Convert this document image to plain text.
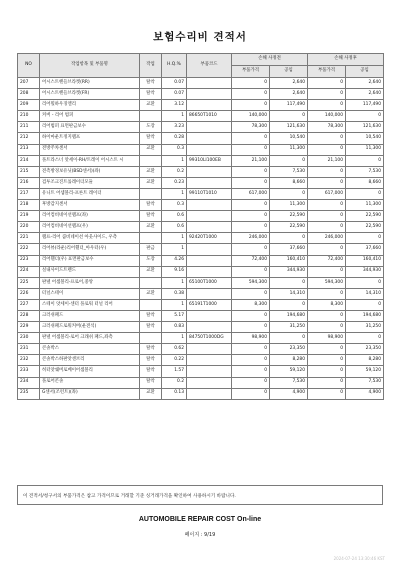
보험수리비 견적서
NO	작업항목 및 부품명	작업	H.Q.%	부품코드	손해 사정전		손해 사정후	
					부품가격	공임	부품가격	공임
207	어시스트핸들브라켓(RR)	탈착	0.07		0	2,640	0	2,640
208	어시스트핸들브라켓(FR)	탈착	0.07		0	2,640	0	2,640
209	리어휠하우징앨리	교환	3.12		0	117,490	0	117,490
210	커버 - 리어 범퍼		1	86650T1010	140,000	0	140,000	0
211	리어범퍼 표면판금보수	도장	3.23		78,300	121,630	78,300	121,630
212	하이마운트정지램프	탈착	0.28		0	10,540	0	10,540
213	전방주차센서	교환	0.3		0	11,300	0	11,300
214	플트라스너 앗세이-RH/트레이 어시스트 시		1	99310LI100EB	21,100	0	21,100	0
215	전측방경보유닛(BSD센서)(좌)	교환	0.2		0	7,530	0	7,530
216	검투조크진트롤레이더모듈	교환	0.23		0	8,660	0	8,660
217	유니트 어셈블리-프론트 레이더		1	99110T1010	617,000	0	617,000	0
218	후방감지센서	탈착	0.3		0	11,300	0	11,300
219	리어컴비네이션램프(좌)	탈착	0.6		0	22,590	0	22,590
220	리어컴비네이션램프(우)	교환	0.6		0	22,590	0	22,590
221	램프-리어 콤비네이션 아웃사이드, 우측		1	92420T1000	246,000	0	246,000	0
222	리어뷰(라운)리어휀더_아우터(우)	판금	1		0	37,660	0	37,660
223	리어휀더(우) 표면판금보수	도장	4.26		72,400	160,410	72,400	160,410
224	실내사이드트렌드	교환	9.16		0	344,930	0	344,930
225	판넬 어셈블리-프로어,중앙		1	65100T1000	594,300	0	594,300	0
226	터널스테이	교환	0.38		0	14,310	0	14,310
227	스테이 앗세이-센터 플로워 터널 리어		1	65191T1000	8,300	0	8,300	0
228	크러쉬패드	탈착	5.17		0	194,680	0	194,680
229	크러쉬패드로워커버(운전석)	탈착	0.83		0	31,250	0	31,250
230	판넬 어셈블리-로어 크래쉬 패드,좌측		1	84750T1000DG	98,900	0	98,900	0
231	콘솔박스	탈착	0.62		0	23,350	0	23,350
232	콘솔박스하판앗센브리	탈착	0.22		0	8,280	0	8,280
233	히터앗쉐버로베이어셈블리	탈착	1.57		0	59,120	0	59,120
234	플로어콘솔	탈착	0.2		0	7,530	0	7,530
235	G센서(조런트)(좌)	교환	0.13		0	4,900	0	4,900
이 견적서/청구서의 부품가격은 참고 가격이므로 거래할 기준 싱거래가격을 확인하여 사용하시기 바랍니다.
AUTOMOBILE REPAIR COST On-line
페이지 : 9/19
2024-07-24 13:30:46 KST
